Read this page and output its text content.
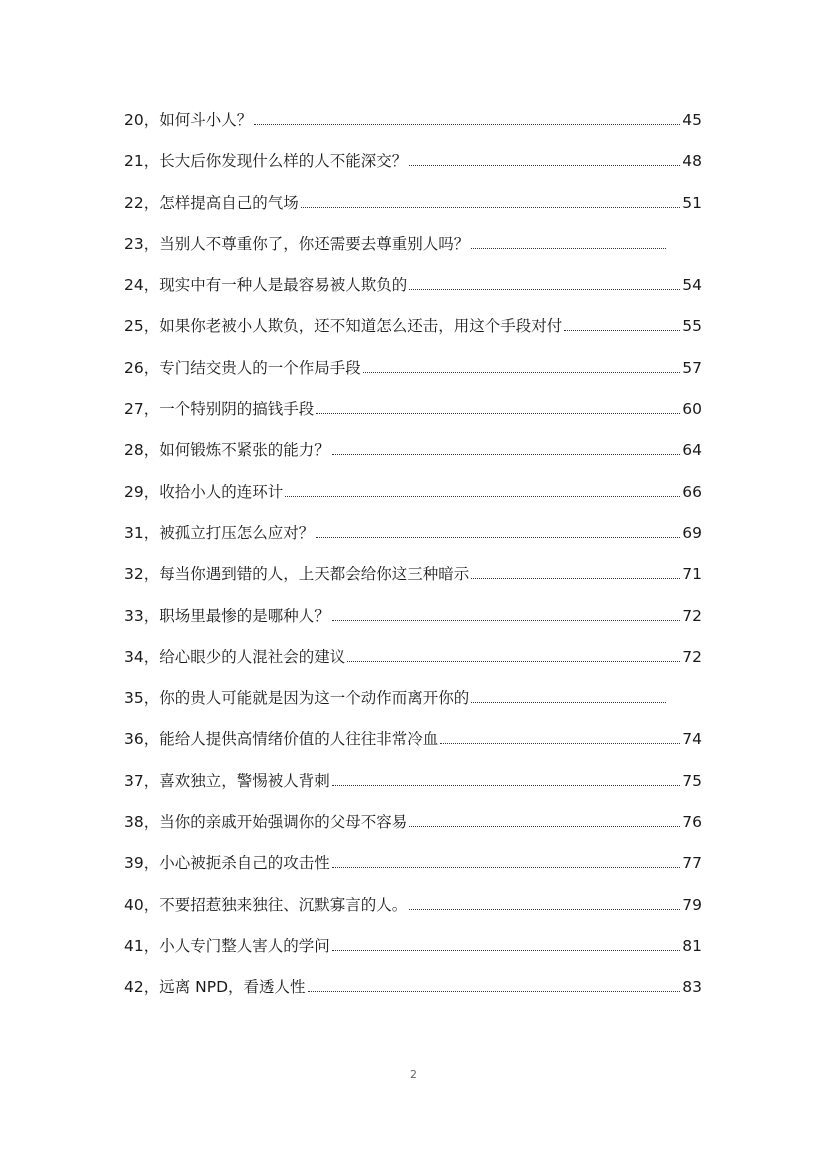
20，如何斗小人？	45
21，长大后你发现什么样的人不能深交？	48
22，怎样提高自己的气场	51
23，当别人不尊重你了，你还需要去尊重别人吗？
24，现实中有一种人是最容易被人欺负的	54
25，如果你老被小人欺负，还不知道怎么还击，用这个手段对付	55
26，专门结交贵人的一个作局手段	57
27，一个特别阴的搞钱手段	60
28，如何锻炼不紧张的能力？	64
29，收拾小人的连环计	66
31，被孤立打压怎么应对？	69
32，每当你遇到错的人，上天都会给你这三种暗示	71
33，职场里最惨的是哪种人？	72
34，给心眼少的人混社会的建议	72
35，你的贵人可能就是因为这一个动作而离开你的
36，能给人提供高情绪价值的人往往非常冷血	74
37，喜欢独立，警惕被人背刺	75
38，当你的亲戚开始强调你的父母不容易	76
39，小心被扼杀自己的攻击性	77
40，不要招惹独来独往、沉默寡言的人。	79
41，小人专门整人害人的学问	81
42，远离 NPD，看透人性	83
2
